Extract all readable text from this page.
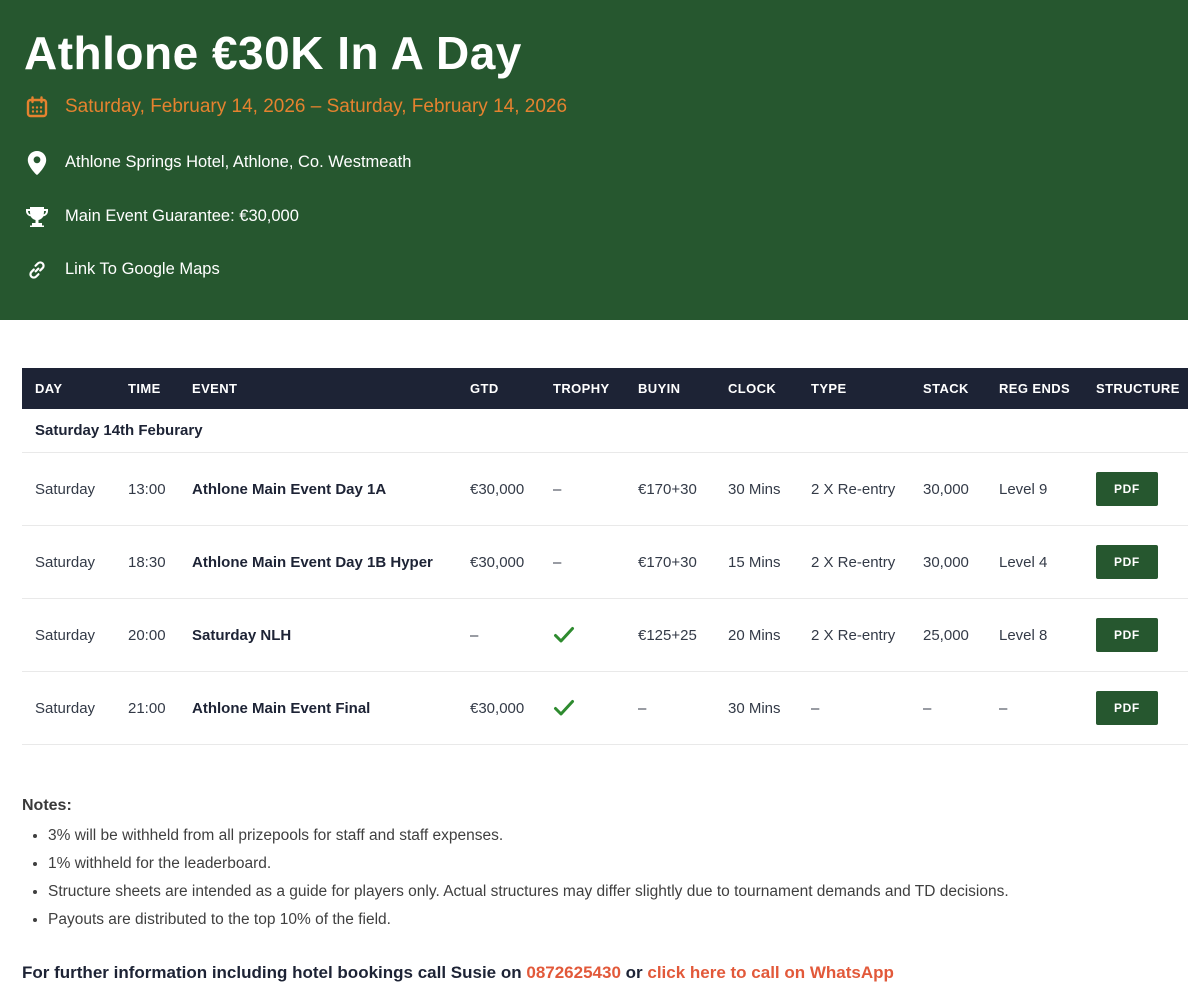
Athlone €30K In A Day
Saturday, February 14, 2026 – Saturday, February 14, 2026
Athlone Springs Hotel, Athlone, Co. Westmeath
Main Event Guarantee: €30,000
Link To Google Maps
DAY	TIME	EVENT	GTD	TROPHY	BUYIN	CLOCK	TYPE	STACK	REG ENDS	STRUCTURE
Saturday 14th Feburary										
Saturday	13:00	Athlone Main Event Day 1A	€30,000	–	€170+30	30 Mins	2 X Re-entry	30,000	Level 9	PDF
Saturday	18:30	Athlone Main Event Day 1B Hyper	€30,000	–	€170+30	15 Mins	2 X Re-entry	30,000	Level 4	PDF
Saturday	20:00	Saturday NLH	–		€125+25	20 Mins	2 X Re-entry	25,000	Level 8	PDF
Saturday	21:00	Athlone Main Event Final	€30,000		–	30 Mins	–	–	–	PDF

Notes:

• 3% will be withheld from all prizepools for staff and staff expenses.
• 1% withheld for the leaderboard.
• Structure sheets are intended as a guide for players only. Actual structures may differ slightly due to tournament demands and TD decisions.
• Payouts are distributed to the top 10% of the field.

For further information including hotel bookings call Susie on 0872625430 or click here to call on WhatsApp
